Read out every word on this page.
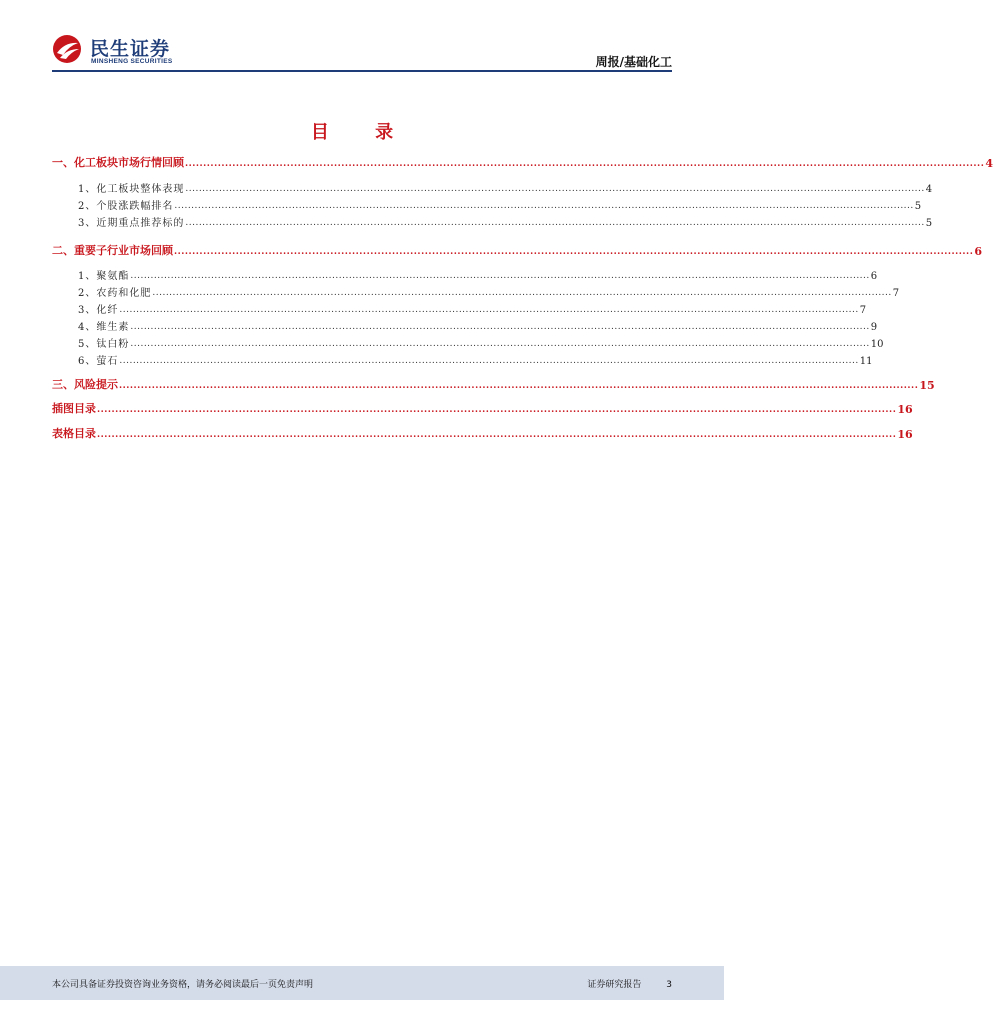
民生证券
MINSHENG SECURITIES	周报/基础化工
目 录
一、化工板块市场行情回顾 ............................................................................................................................................................................................................................ 4
1、化工板块整体表现 ............................................................................................................................................................................................................................ 4
2、个股涨跌幅排名 ............................................................................................................................................................................................................................ 5
3、近期重点推荐标的 ............................................................................................................................................................................................................................ 5
二、重要子行业市场回顾 ............................................................................................................................................................................................................................ 6
1、聚氨酯 ............................................................................................................................................................................................................................ 6
2、农药和化肥 ............................................................................................................................................................................................................................ 7
3、化纤 ............................................................................................................................................................................................................................ 7
4、维生素 ............................................................................................................................................................................................................................ 9
5、钛白粉 ............................................................................................................................................................................................................................ 10
6、萤石 ............................................................................................................................................................................................................................ 11
三、风险提示 ............................................................................................................................................................................................................................ 15
插图目录 ............................................................................................................................................................................................................................ 16
表格目录 ............................................................................................................................................................................................................................ 16
本公司具备证券投资咨询业务资格，请务必阅读最后一页免责声明	证券研究报告	3
